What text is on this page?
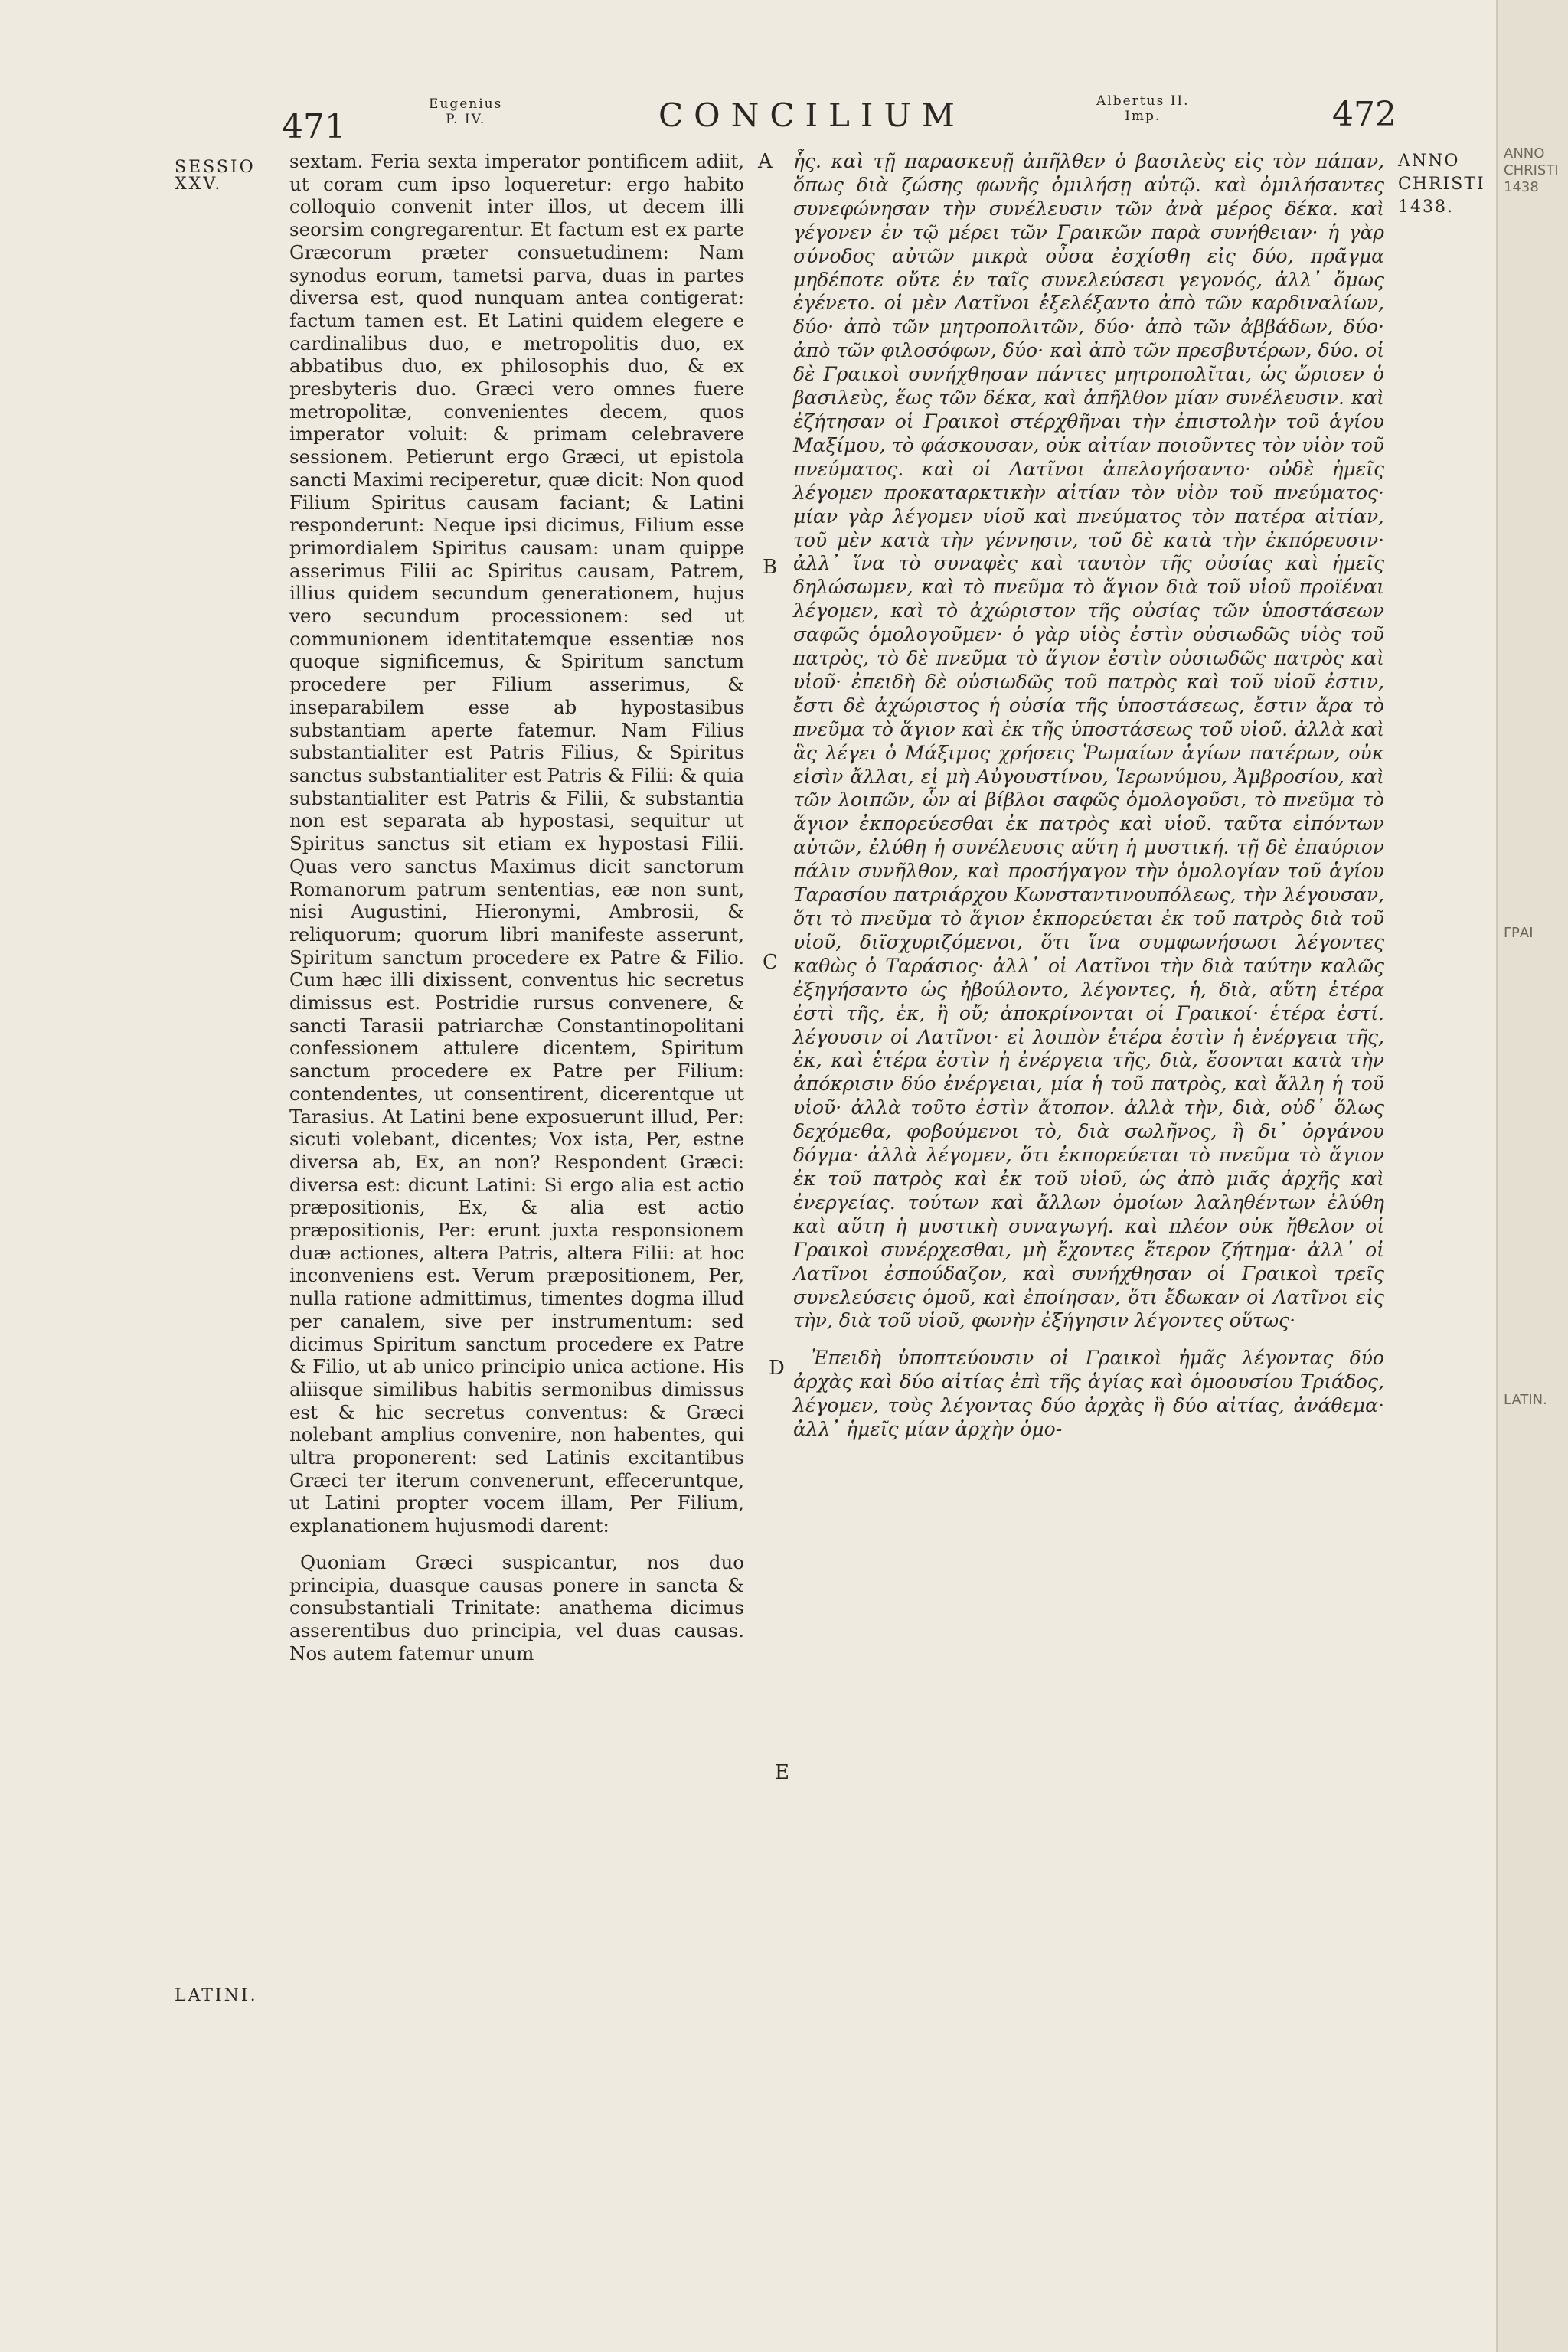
471
Eugenius
P. IV.	CONCILIUM	Albertus II.
Imp.	472
SESSIO XXV.
LATINI.
ANNO CHRISTI 1438.
A
B
C
D
E

sextam. Feria sexta imperator pontificem adiit, ut coram cum ipso loqueretur: ergo habito colloquio convenit inter illos, ut decem illi seorsim congregarentur. Et factum est ex parte Græcorum præter consuetudinem: Nam synodus eorum, tametsi parva, duas in partes diversa est, quod nunquam antea contigerat: factum tamen est. Et Latini quidem elegere e cardinalibus duo, e metropolitis duo, ex abbatibus duo, ex philosophis duo, & ex presbyteris duo. Græci vero omnes fuere metropolitæ, convenientes decem, quos imperator voluit: & primam celebravere sessionem. Petierunt ergo Græci, ut epistola sancti Maximi reciperetur, quæ dicit: Non quod Filium Spiritus causam faciant; & Latini responderunt: Neque ipsi dicimus, Filium esse primordialem Spiritus causam: unam quippe asserimus Filii ac Spiritus causam, Patrem, illius quidem secundum generationem, hujus vero secundum processionem: sed ut communionem identitatemque essentiæ nos quoque significemus, & Spiritum sanctum procedere per Filium asserimus, & inseparabilem esse ab hypostasibus substantiam aperte fatemur. Nam Filius substantialiter est Patris Filius, & Spiritus sanctus substantialiter est Patris & Filii: & quia substantialiter est Patris & Filii, & substantia non est separata ab hypostasi, sequitur ut Spiritus sanctus sit etiam ex hypostasi Filii. Quas vero sanctus Maximus dicit sanctorum Romanorum patrum sententias, eæ non sunt, nisi Augustini, Hieronymi, Ambrosii, & reliquorum; quorum libri manifeste asserunt, Spiritum sanctum procedere ex Patre & Filio. Cum hæc illi dixissent, conventus hic secretus dimissus est. Postridie rursus convenere, & sancti Tarasii patriarchæ Constantinopolitani confessionem attulere dicentem, Spiritum sanctum procedere ex Patre per Filium: contendentes, ut consentirent, dicerentque ut Tarasius. At Latini bene exposuerunt illud, Per: sicuti volebant, dicentes; Vox ista, Per, estne diversa ab, Ex, an non? Respondent Græci: diversa est: dicunt Latini: Si ergo alia est actio præpositionis, Ex, & alia est actio præpositionis, Per: erunt juxta responsionem duæ actiones, altera Patris, altera Filii: at hoc inconveniens est. Verum præpositionem, Per, nulla ratione admittimus, timentes dogma illud per canalem, sive per instrumentum: sed dicimus Spiritum sanctum procedere ex Patre & Filio, ut ab unico principio unica actione. His aliisque similibus habitis sermonibus dimissus est & hic secretus conventus: & Græci nolebant amplius convenire, non habentes, qui ultra proponerent: sed Latinis excitantibus Græci ter iterum convenerunt, effeceruntque, ut Latini propter vocem illam, Per Filium, explanationem hujusmodi darent:

Quoniam Græci suspicantur, nos duo principia, duasque causas ponere in sancta & consubstantiali Trinitate: anathema dicimus asserentibus duo principia, vel duas causas. Nos autem fatemur unum

ἧς. καὶ τῇ παρασκευῇ ἀπῆλθεν ὁ βασιλεὺς εἰς τὸν πάπαν, ὅπως διὰ ζώσης φωνῆς ὁμιλήσῃ αὐτῷ. καὶ ὁμιλήσαντες συνεφώνησαν τὴν συνέλευσιν τῶν ἀνὰ μέρος δέκα. καὶ γέγονεν ἐν τῷ μέρει τῶν Γραικῶν παρὰ συνήθειαν· ἡ γὰρ σύνοδος αὐτῶν μικρὰ οὖσα ἐσχίσθη εἰς δύο, πρᾶγμα μηδέποτε οὔτε ἐν ταῖς συνελεύσεσι γεγονός, ἀλλ᾽ ὅμως ἐγένετο. οἱ μὲν Λατῖνοι ἐξελέξαντο ἀπὸ τῶν καρδιναλίων, δύο· ἀπὸ τῶν μητροπολιτῶν, δύο· ἀπὸ τῶν ἀββάδων, δύο· ἀπὸ τῶν φιλοσόφων, δύο· καὶ ἀπὸ τῶν πρεσβυτέρων, δύο. οἱ δὲ Γραικοὶ συνήχθησαν πάντες μητροπολῖται, ὡς ὤρισεν ὁ βασιλεὺς, ἕως τῶν δέκα, καὶ ἀπῆλθον μίαν συνέλευσιν. καὶ ἐζήτησαν οἱ Γραικοὶ στέρχθῆναι τὴν ἐπιστολὴν τοῦ ἁγίου Μαξίμου, τὸ φάσκουσαν, οὐκ αἰτίαν ποιοῦντες τὸν υἱὸν τοῦ πνεύματος. καὶ οἱ Λατῖνοι ἀπελογήσαντο· οὐδὲ ἡμεῖς λέγομεν προκαταρκτικὴν αἰτίαν τὸν υἱὸν τοῦ πνεύματος· μίαν γὰρ λέγομεν υἱοῦ καὶ πνεύματος τὸν πατέρα αἰτίαν, τοῦ μὲν κατὰ τὴν γέννησιν, τοῦ δὲ κατὰ τὴν ἐκπόρευσιν· ἀλλ᾽ ἵνα τὸ συναφὲς καὶ ταυτὸν τῆς οὐσίας καὶ ἡμεῖς δηλώσωμεν, καὶ τὸ πνεῦμα τὸ ἅγιον διὰ τοῦ υἱοῦ προϊέναι λέγομεν, καὶ τὸ ἀχώριστον τῆς οὐσίας τῶν ὑποστάσεων σαφῶς ὁμολογοῦμεν· ὁ γὰρ υἱὸς ἐστὶν οὐσιωδῶς υἱὸς τοῦ πατρὸς, τὸ δὲ πνεῦμα τὸ ἅγιον ἐστὶν οὐσιωδῶς πατρὸς καὶ υἱοῦ· ἐπειδὴ δὲ οὐσιωδῶς τοῦ πατρὸς καὶ τοῦ υἱοῦ ἐστιν, ἔστι δὲ ἀχώριστος ἡ οὐσία τῆς ὑποστάσεως, ἔστιν ἄρα τὸ πνεῦμα τὸ ἅγιον καὶ ἐκ τῆς ὑποστάσεως τοῦ υἱοῦ. ἀλλὰ καὶ ἃς λέγει ὁ Μάξιμος χρήσεις Ῥωμαίων ἁγίων πατέρων, οὐκ εἰσὶν ἄλλαι, εἰ μὴ Αὐγουστίνου, Ἱερωνύμου, Ἀμβροσίου, καὶ τῶν λοιπῶν, ὧν αἱ βίβλοι σαφῶς ὁμολογοῦσι, τὸ πνεῦμα τὸ ἅγιον ἐκπορεύεσθαι ἐκ πατρὸς καὶ υἱοῦ. ταῦτα εἰπόντων αὐτῶν, ἐλύθη ἡ συνέλευσις αὕτη ἡ μυστική. τῇ δὲ ἐπαύριον πάλιν συνῆλθον, καὶ προσήγαγον τὴν ὁμολογίαν τοῦ ἁγίου Ταρασίου πατριάρχου Κωνσταντινουπόλεως, τὴν λέγουσαν, ὅτι τὸ πνεῦμα τὸ ἅγιον ἐκπορεύεται ἐκ τοῦ πατρὸς διὰ τοῦ υἱοῦ, διϊσχυριζόμενοι, ὅτι ἵνα συμφωνήσωσι λέγοντες καθὼς ὁ Ταράσιος· ἀλλ᾽ οἱ Λατῖνοι τὴν διὰ ταύτην καλῶς ἐξηγήσαντο ὡς ἠβούλοντο, λέγοντες, ἡ, διὰ, αὕτη ἑτέρα ἐστὶ τῆς, ἐκ, ἢ οὔ; ἀποκρίνονται οἱ Γραικοί· ἑτέρα ἐστί. λέγουσιν οἱ Λατῖνοι· εἰ λοιπὸν ἑτέρα ἐστὶν ἡ ἐνέργεια τῆς, ἐκ, καὶ ἑτέρα ἐστὶν ἡ ἐνέργεια τῆς, διὰ, ἔσονται κατὰ τὴν ἀπόκρισιν δύο ἐνέργειαι, μία ἡ τοῦ πατρὸς, καὶ ἄλλη ἡ τοῦ υἱοῦ· ἀλλὰ τοῦτο ἐστὶν ἄτοπον. ἀλλὰ τὴν, διὰ, οὐδ᾽ ὅλως δεχόμεθα, φοβούμενοι τὸ, διὰ σωλῆνος, ἢ δι᾽ ὀργάνου δόγμα· ἀλλὰ λέγομεν, ὅτι ἐκπορεύεται τὸ πνεῦμα τὸ ἅγιον ἐκ τοῦ πατρὸς καὶ ἐκ τοῦ υἱοῦ, ὡς ἀπὸ μιᾶς ἀρχῆς καὶ ἐνεργείας. τούτων καὶ ἄλλων ὁμοίων λαληθέντων ἐλύθη καὶ αὕτη ἡ μυστικὴ συναγωγή. καὶ πλέον οὐκ ἤθελον οἱ Γραικοὶ συνέρχεσθαι, μὴ ἔχοντες ἕτερον ζήτημα· ἀλλ᾽ οἱ Λατῖνοι ἐσπούδαζον, καὶ συνήχθησαν οἱ Γραικοὶ τρεῖς συνελεύσεις ὁμοῦ, καὶ ἐποίησαν, ὅτι ἔδωκαν οἱ Λατῖνοι εἰς τὴν, διὰ τοῦ υἱοῦ, φωνὴν ἐξήγησιν λέγοντες οὕτως·

Ἐπειδὴ ὑποπτεύουσιν οἱ Γραικοὶ ἡμᾶς λέγοντας δύο ἀρχὰς καὶ δύο αἰτίας ἐπὶ τῆς ἁγίας καὶ ὁμοουσίου Τριάδος, λέγομεν, τοὺς λέγοντας δύο ἀρχὰς ἢ δύο αἰτίας, ἀνάθεμα· ἀλλ᾽ ἡμεῖς μίαν ἀρχὴν ὁμο-

ANNO
CHRISTI
1438
ΓΡΑΙ
LATIN.
